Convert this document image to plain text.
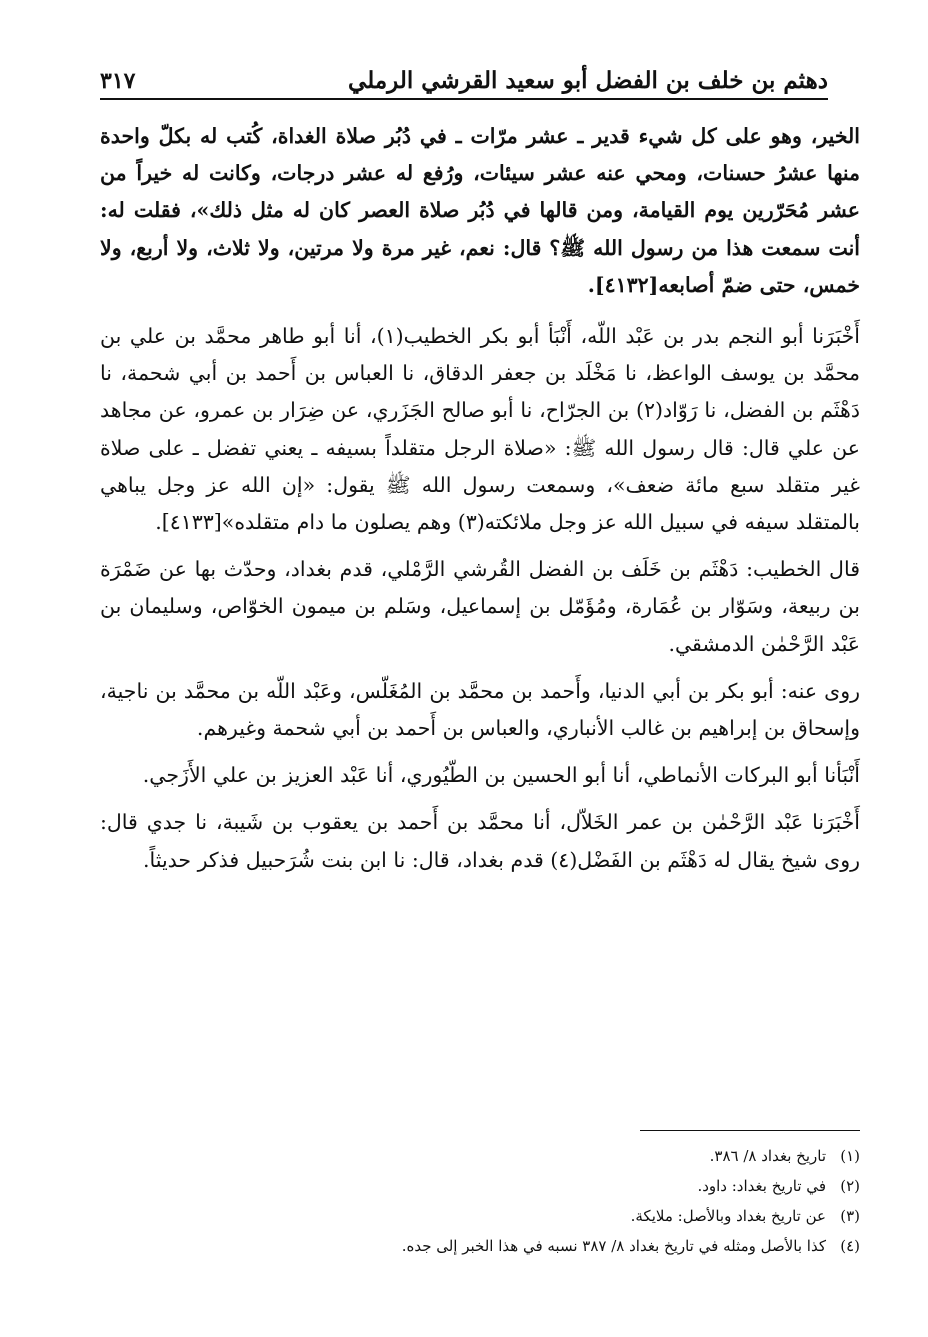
دهثم بن خلف بن الفضل أبو سعيد القرشي الرملي
٣١٧

الخير، وهو على كل شيء قدير ـ عشر مرّات ـ في دُبُر صلاة الغداة، كُتب له بكلّ واحدة منها عشرُ حسنات، ومحي عنه عشر سيئات، ورُفع له عشر درجات، وكانت له خيراً من عشر مُحَرّرين يوم القيامة، ومن قالها في دُبُر صلاة العصر كان له مثل ذلك»، فقلت له: أنت سمعت هذا من رسول الله ﷺ؟ قال: نعم، غير مرة ولا مرتين، ولا ثلاث، ولا أربع، ولا خمس، حتى ضمّ أصابعه[٤١٣٢].

أَخْبَرَنا أبو النجم بدر بن عَبْد اللّه، أَنْبَأ أبو بكر الخطيب(١)، أنا أبو طاهر محمَّد بن علي بن محمَّد بن يوسف الواعظ، نا مَخْلَد بن جعفر الدقاق، نا العباس بن أَحمد بن أبي شحمة، نا دَهْثَم بن الفضل، نا رَوّاد(٢) بن الجرّاح، نا أبو صالح الجَزَري، عن ضِرَار بن عمرو، عن مجاهد عن علي قال: قال رسول الله ﷺ: «صلاة الرجل متقلداً بسيفه ـ يعني تفضل ـ على صلاة غير متقلد سبع مائة ضعف»، وسمعت رسول الله ﷺ يقول: «إن الله عز وجل يباهي بالمتقلد سيفه في سبيل الله عز وجل ملائكته(٣) وهم يصلون ما دام متقلده»[٤١٣٣].

قال الخطيب: دَهْثَم بن خَلَف بن الفضل القُرشي الرَّمْلي، قدم بغداد، وحدّث بها عن ضَمْرَة بن ربيعة، وسَوّار بن عُمَارة، ومُؤَمّل بن إسماعيل، وسَلم بن ميمون الخوّاص، وسليمان بن عَبْد الرَّحْمٰن الدمشقي.

روى عنه: أبو بكر بن أبي الدنيا، وأَحمد بن محمَّد بن المُغَلّس، وعَبْد اللّه بن محمَّد بن ناجية، وإسحاق بن إبراهيم بن غالب الأنباري، والعباس بن أَحمد بن أبي شحمة وغيرهم.

أَنْبَأنا أبو البركات الأنماطي، أنا أبو الحسين بن الطّيُوري، أنا عَبْد العزيز بن علي الأَزَجي.

أَخْبَرَنا عَبْد الرَّحْمٰن بن عمر الخَلاّل، أنا محمَّد بن أَحمد بن يعقوب بن شَيبة، نا جدي قال: روى شيخ يقال له دَهْثَم بن الفَضْل(٤) قدم بغداد، قال: نا ابن بنت شُرَحبيل فذكر حديثاً.

(١)
تاريخ بغداد ٨/ ٣٨٦.
(٢)
في تاريخ بغداد: داود.
(٣)
عن تاريخ بغداد وبالأصل: ملايكة.
(٤)
كذا بالأصل ومثله في تاريخ بغداد ٨/ ٣٨٧ نسبه في هذا الخبر إلى جده.
